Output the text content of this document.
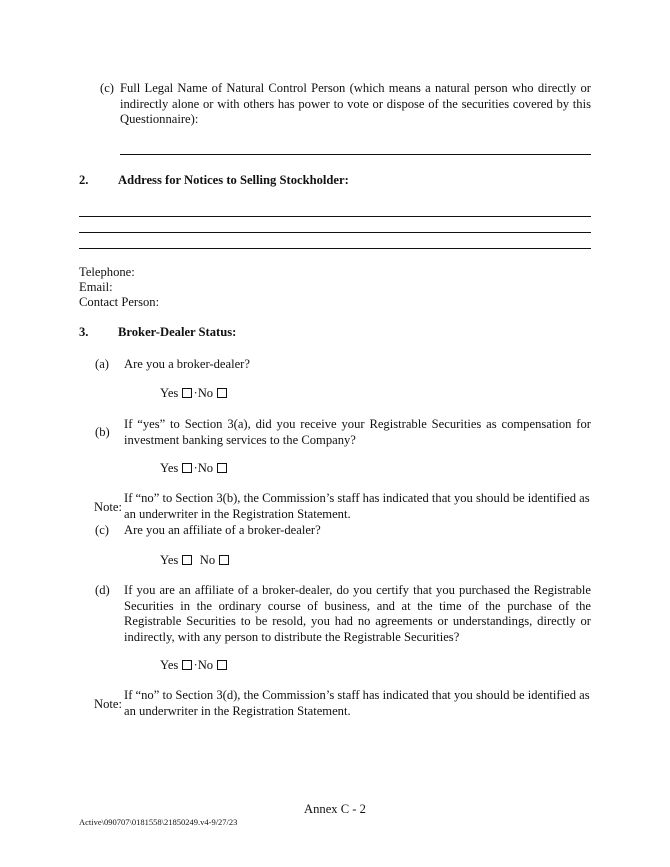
(c) Full Legal Name of Natural Control Person (which means a natural person who directly or indirectly alone or with others has power to vote or dispose of the securities covered by this Questionnaire):
2. Address for Notices to Selling Stockholder:
Telephone:
Email:
Contact Person:
3. Broker-Dealer Status:
(a) Are you a broker-dealer?
Yes ·No
(b)
If “yes” to Section 3(a), did you receive your Registrable Securities as compensation for investment banking services to the Company?
Yes ·No
Note:
If “no” to Section 3(b), the Commission’s staff has indicated that you should be identified as an underwriter in the Registration Statement.
(c) Are you an affiliate of a broker-dealer?
Yes No
(d) If you are an affiliate of a broker-dealer, do you certify that you purchased the Registrable Securities in the ordinary course of business, and at the time of the purchase of the Registrable Securities to be resold, you had no agreements or understandings, directly or indirectly, with any person to distribute the Registrable Securities?
Yes ·No
Note:
If “no” to Section 3(d), the Commission’s staff has indicated that you should be identified as an underwriter in the Registration Statement.
Annex C - 2
Active\090707\0181558\21850249.v4-9/27/23
